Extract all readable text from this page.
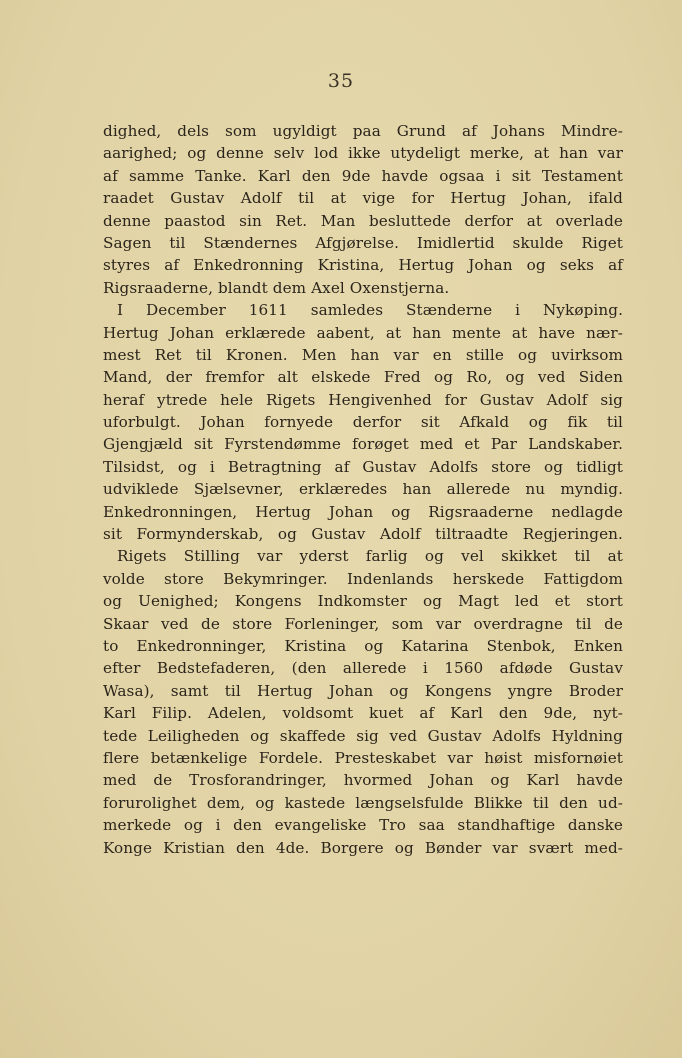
35
dighed, dels som ugyldigt paa Grund af Johans Mindre-
aarighed; og denne selv lod ikke utydeligt merke, at han var
af samme Tanke. Karl den 9de havde ogsaa i sit Testament
raadet Gustav Adolf til at vige for Hertug Johan, ifald
denne paastod sin Ret. Man besluttede derfor at overlade
Sagen til Stændernes Afgjørelse. Imidlertid skulde Riget
styres af Enkedronning Kristina, Hertug Johan og seks af
Rigsraaderne, blandt dem Axel Oxenstjerna.
I December 1611 samledes Stænderne i Nykøping.
Hertug Johan erklærede aabent, at han mente at have nær-
mest Ret til Kronen. Men han var en stille og uvirksom
Mand, der fremfor alt elskede Fred og Ro, og ved Siden
heraf ytrede hele Rigets Hengivenhed for Gustav Adolf sig
uforbulgt. Johan fornyede derfor sit Afkald og fik til
Gjengjæld sit Fyrstendømme forøget med et Par Landskaber.
Tilsidst, og i Betragtning af Gustav Adolfs store og tidligt
udviklede Sjælsevner, erklæredes han allerede nu myndig.
Enkedronningen, Hertug Johan og Rigsraaderne nedlagde
sit Formynderskab, og Gustav Adolf tiltraadte Regjeringen.
Rigets Stilling var yderst farlig og vel skikket til at
volde store Bekymringer. Indenlands herskede Fattigdom
og Uenighed; Kongens Indkomster og Magt led et stort
Skaar ved de store Forleninger, som var overdragne til de
to Enkedronninger, Kristina og Katarina Stenbok, Enken
efter Bedstefaderen, (den allerede i 1560 afdøde Gustav
Wasa), samt til Hertug Johan og Kongens yngre Broder
Karl Filip. Adelen, voldsomt kuet af Karl den 9de, nyt-
tede Leiligheden og skaffede sig ved Gustav Adolfs Hyldning
flere betænkelige Fordele. Presteskabet var høist misfornøiet
med de Trosforandringer, hvormed Johan og Karl havde
forurolighet dem, og kastede længselsfulde Blikke til den ud-
merkede og i den evangeliske Tro saa standhaftige danske
Konge Kristian den 4de. Borgere og Bønder var svært med-
